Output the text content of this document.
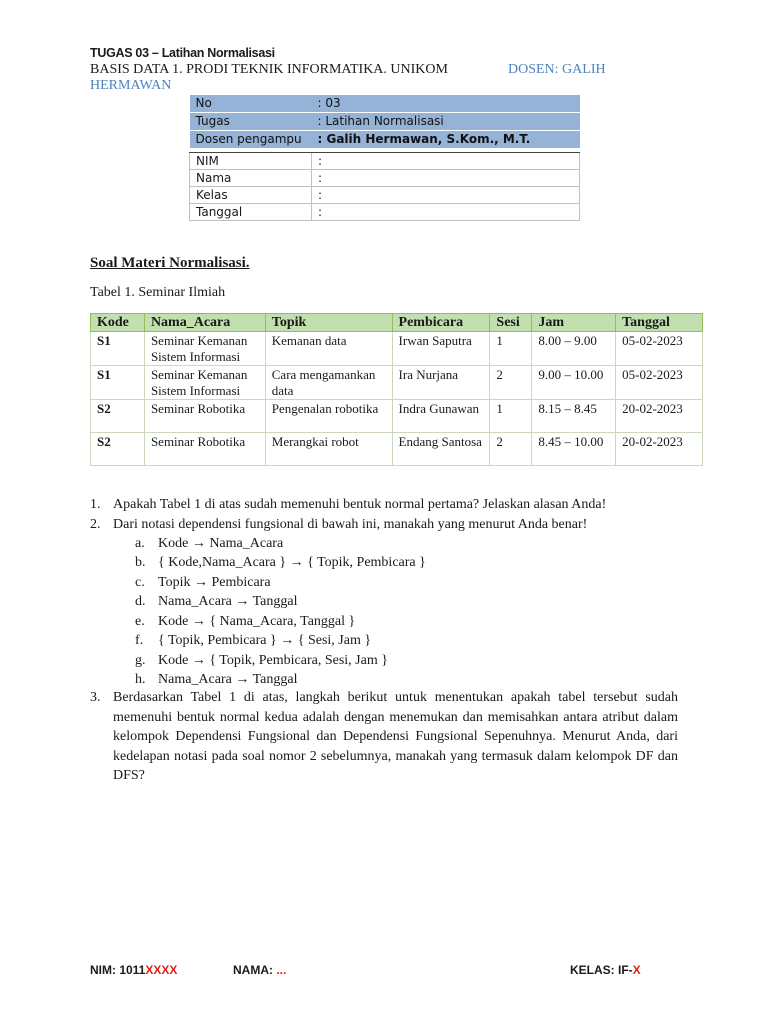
TUGAS 03 – Latihan Normalisasi
BASIS DATA 1. PRODI TEKNIK INFORMATIKA. UNIKOM	DOSEN: GALIH
HERMAWAN
No	: 03
Tugas	: Latihan Normalisasi
Dosen pengampu	: Galih Hermawan, S.Kom., M.T.

NIM	:
Nama	:
Kelas	:
Tanggal	:
Soal Materi Normalisasi.
Tabel 1. Seminar Ilmiah
Kode	Nama_Acara	Topik	Pembicara	Sesi	Jam	Tanggal
S1	Seminar Kemanan Sistem Informasi	Kemanan data	Irwan Saputra	1	8.00 – 9.00	05-02-2023
S1	Seminar Kemanan Sistem Informasi	Cara mengamankan data	Ira Nurjana	2	9.00 – 10.00	05-02-2023
S2	Seminar Robotika	Pengenalan robotika	Indra Gunawan	1	8.15 – 8.45	20-02-2023
S2	Seminar Robotika	Merangkai robot	Endang Santosa	2	8.45 – 10.00	20-02-2023
1. Apakah Tabel 1 di atas sudah memenuhi bentuk normal pertama? Jelaskan alasan Anda!
2. Dari notasi dependensi fungsional di bawah ini, manakah yang menurut Anda benar!
a. Kode → Nama_Acara
b. { Kode,Nama_Acara } → { Topik, Pembicara }
c. Topik → Pembicara
d. Nama_Acara → Tanggal
e. Kode → { Nama_Acara, Tanggal }
f. { Topik, Pembicara } → { Sesi, Jam }
g. Kode → { Topik, Pembicara, Sesi, Jam }
h. Nama_Acara → Tanggal
3. Berdasarkan Tabel 1 di atas, langkah berikut untuk menentukan apakah tabel tersebut sudah memenuhi bentuk normal kedua adalah dengan menemukan dan memisahkan antara atribut dalam kelompok Dependensi Fungsional dan Dependensi Fungsional Sepenuhnya. Menurut Anda, dari kedelapan notasi pada soal nomor 2 sebelumnya, manakah yang termasuk dalam kelompok DF dan DFS?
NIM: 1011XXXX	NAMA: ...	KELAS: IF-X
